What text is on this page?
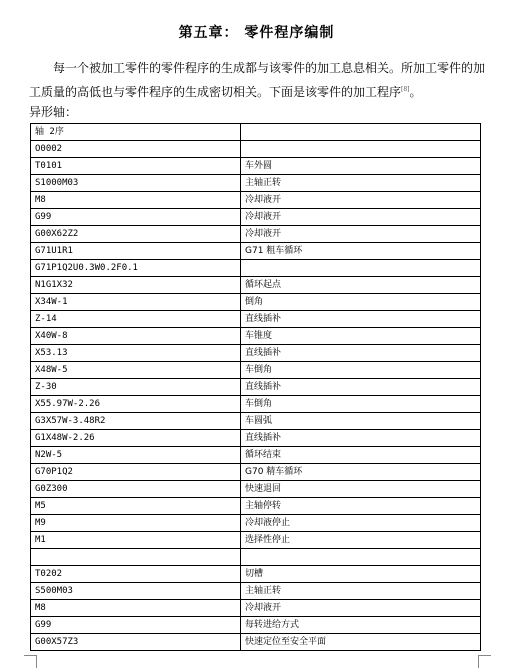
第五章： 零件程序编制
每一个被加工零件的零件程序的生成都与该零件的加工息息相关。所加工零件的加工质量的高低也与零件程序的生成密切相关。下面是该零件的加工程序[8]。
异形轴：
轴 2序	
O0002	
T0101	车外圆
S1000M03	主轴正转
M8	冷却液开
G99	冷却液开
G00X62Z2	冷却液开
G71U1R1	G71 粗车循环
G71P1Q2U0.3W0.2F0.1	
N1G1X32	循环起点
X34W-1	倒角
Z-14	直线插补
X40W-8	车锥度
X53.13	直线插补
X48W-5	车倒角
Z-30	直线插补
X55.97W-2.26	车倒角
G3X57W-3.48R2	车圆弧
G1X48W-2.26	直线插补
N2W-5	循环结束
G70P1Q2	G70 精车循环
G0Z300	快速退回
M5	主轴停转
M9	冷却液停止
M1	选择性停止

T0202	切槽
S500M03	主轴正转
M8	冷却液开
G99	每转进给方式
G00X57Z3	快速定位至安全平面
